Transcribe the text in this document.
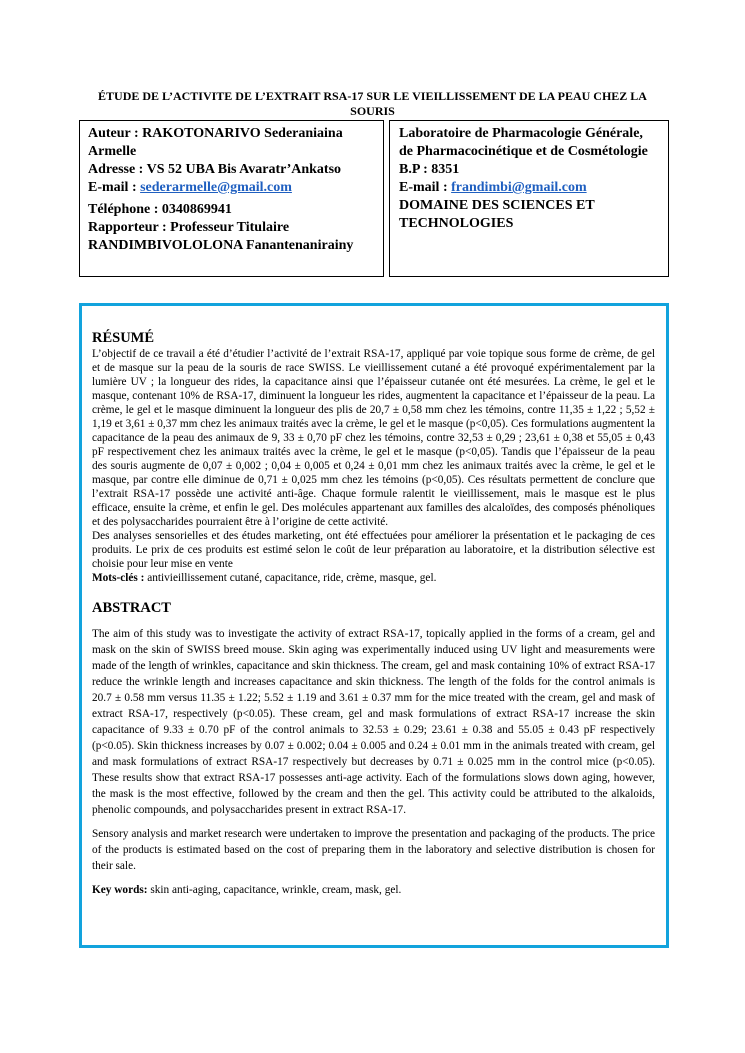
ÉTUDE DE L’ACTIVITE DE L’EXTRAIT RSA-17 SUR LE VIEILLISSEMENT DE LA PEAU CHEZ LA SOURIS
Auteur : RAKOTONARIVO Sederaniaina Armelle
Adresse : VS 52 UBA Bis Avaratr’Ankatso
E-mail : sederarmelle@gmail.com
Téléphone : 0340869941
Rapporteur : Professeur Titulaire RANDIMBIVOLOLONA Fanantenanirainy
Laboratoire de Pharmacologie Générale, de Pharmacocinétique et de Cosmétologie
B.P : 8351
E-mail : frandimbi@gmail.com
DOMAINE DES SCIENCES ET TECHNOLOGIES

RÉSUMÉ

L’objectif de ce travail a été d’étudier l’activité de l’extrait RSA-17, appliqué par voie topique sous forme de crème, de gel et de masque sur la peau de la souris de race SWISS. Le vieillissement cutané a été provoqué expérimentalement par la lumière UV ; la longueur des rides, la capacitance ainsi que l’épaisseur cutanée ont été mesurées. La crème, le gel et le masque, contenant 10% de RSA-17, diminuent la longueur les rides, augmentent la capacitance et l’épaisseur de la peau. La crème, le gel et le masque diminuent la longueur des plis de 20,7 ± 0,58 mm chez les témoins, contre 11,35 ± 1,22 ; 5,52 ± 1,19 et 3,61 ± 0,37 mm chez les animaux traités avec la crème, le gel et le masque (p<0,05). Ces formulations augmentent la capacitance de la peau des animaux de 9, 33 ± 0,70 pF chez les témoins, contre 32,53 ± 0,29 ; 23,61 ± 0,38 et 55,05 ± 0,43 pF respectivement chez les animaux traités avec la crème, le gel et le masque (p<0,05). Tandis que l’épaisseur de la peau des souris augmente de 0,07 ± 0,002 ; 0,04 ± 0,005 et 0,24 ± 0,01 mm chez les animaux traités avec la crème, le gel et le masque, par contre elle diminue de 0,71 ± 0,025 mm chez les témoins (p<0,05). Ces résultats permettent de conclure que l’extrait RSA-17 possède une activité anti-âge. Chaque formule ralentit le vieillissement, mais le masque est le plus efficace, ensuite la crème, et enfin le gel. Des molécules appartenant aux familles des alcaloïdes, des composés phénoliques et des polysaccharides pourraient être à l’origine de cette activité.

Des analyses sensorielles et des études marketing, ont été effectuées pour améliorer la présentation et le packaging de ces produits. Le prix de ces produits est estimé selon le coût de leur préparation au laboratoire, et la distribution sélective est choisie pour leur mise en vente

Mots-clés : antivieillissement cutané, capacitance, ride, crème, masque, gel.

ABSTRACT

The aim of this study was to investigate the activity of extract RSA-17, topically applied in the forms of a cream, gel and mask on the skin of SWISS breed mouse. Skin aging was experimentally induced using UV light and measurements were made of the length of wrinkles, capacitance and skin thickness. The cream, gel and mask containing 10% of extract RSA-17 reduce the wrinkle length and increases capacitance and skin thickness. The length of the folds for the control animals is 20.7 ± 0.58 mm versus 11.35 ± 1.22; 5.52 ± 1.19 and 3.61 ± 0.37 mm for the mice treated with the cream, gel and mask of extract RSA-17, respectively (p<0.05). These cream, gel and mask formulations of extract RSA-17 increase the skin capacitance of 9.33 ± 0.70 pF of the control animals to 32.53 ± 0.29; 23.61 ± 0.38 and 55.05 ± 0.43 pF respectively (p<0.05). Skin thickness increases by 0.07 ± 0.002; 0.04 ± 0.005 and 0.24 ± 0.01 mm in the animals treated with cream, gel and mask formulations of extract RSA-17 respectively but decreases by 0.71 ± 0.025 mm in the control mice (p<0.05). These results show that extract RSA-17 possesses anti-age activity. Each of the formulations slows down aging, however, the mask is the most effective, followed by the cream and then the gel. This activity could be attributed to the alkaloids, phenolic compounds, and polysaccharides present in extract RSA-17.

Sensory analysis and market research were undertaken to improve the presentation and packaging of the products. The price of the products is estimated based on the cost of preparing them in the laboratory and selective distribution is chosen for their sale.

Key words: skin anti-aging, capacitance, wrinkle, cream, mask, gel.
